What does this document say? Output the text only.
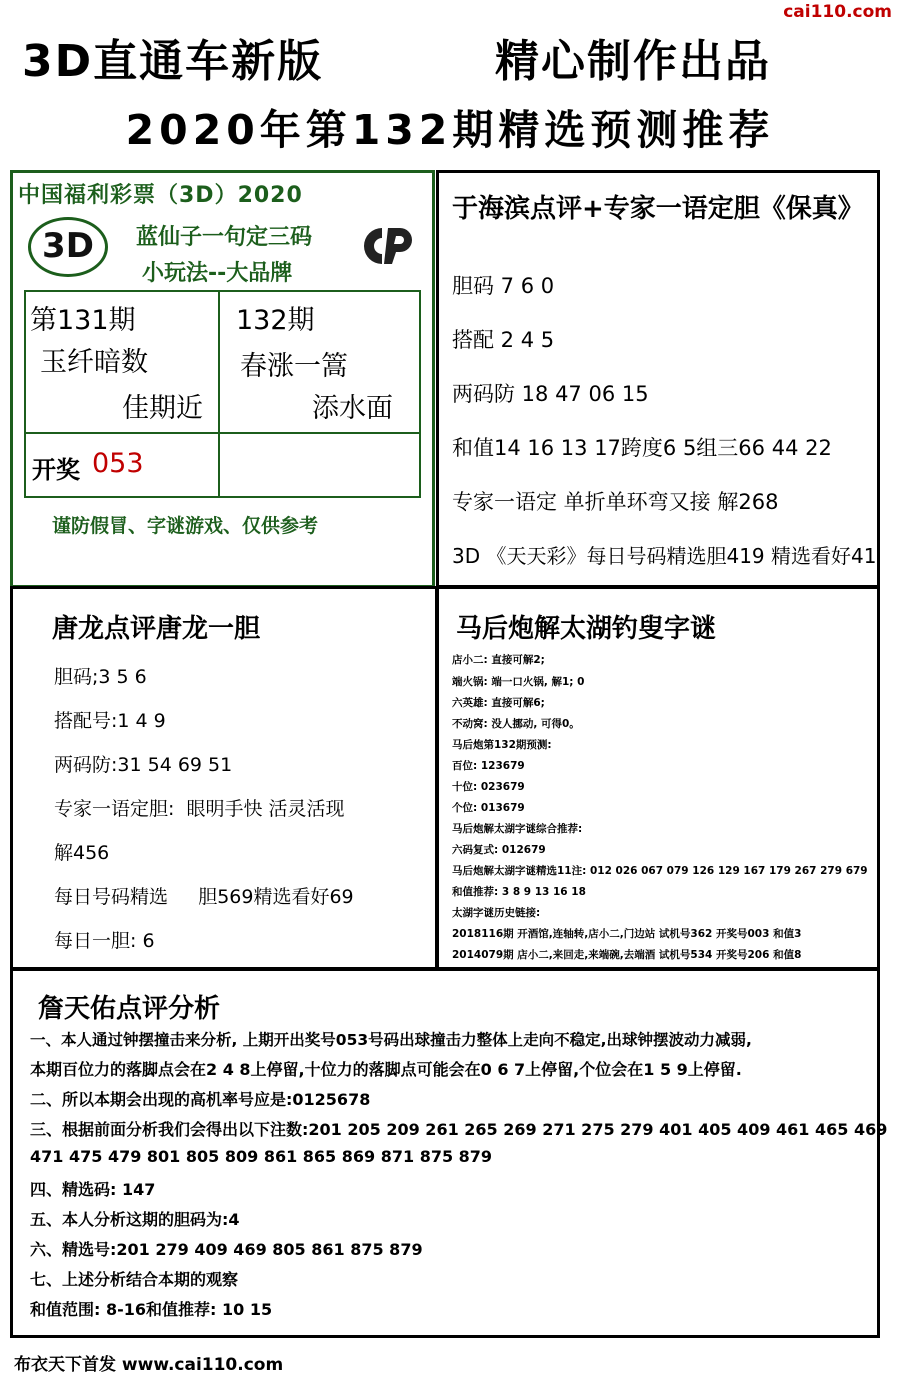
cai110.com
3D直通车新版	精心制作出品
2020年第132期精选预测推荐
中国福利彩票（3D）2020
3D	蓝仙子一句定三码
小玩法--大品牌
第131期
玉纤暗数
佳期近
132期
春涨一篙
添水面
开奖 053
谨防假冒、字谜游戏、仅供参考
于海滨点评+专家一语定胆《保真》
胆码 7 6 0
搭配 2 4 5
两码防 18 47 06 15
和值14 16 13 17跨度6 5组三66 44 22
专家一语定 单折单环弯又接 解268
3D 《天天彩》每日号码精选胆419 精选看好41
唐龙点评唐龙一胆
胆码;3 5 6
搭配号:1 4 9
两码防:31 54 69 51
专家一语定胆:  眼明手快 活灵活现
解456
每日号码精选     胆569精选看好69
每日一胆: 6
马后炮解太湖钓叟字谜
店小二: 直接可解2;
端火锅: 端一口火锅, 解1; 0
六英雄: 直接可解6;
不动窝: 没人挪动, 可得0。
马后炮第132期预测:
百位: 123679
十位: 023679
个位: 013679
马后炮解太湖字谜综合推荐:
六码复式: 012679
马后炮解太湖字谜精选11注: 012 026 067 079 126 129 167 179 267 279 679
和值推荐: 3 8 9 13 16 18
太湖字谜历史链接:
2018116期 开酒馆,连轴转,店小二,门边站 试机号362 开奖号003 和值3
2014079期 店小二,来回走,来端碗,去端酒 试机号534 开奖号206 和值8
詹天佑点评分析
一、本人通过钟摆撞击来分析, 上期开出奖号053号码出球撞击力整体上走向不稳定,出球钟摆波动力减弱,
本期百位力的落脚点会在2 4 8上停留,十位力的落脚点可能会在0 6 7上停留,个位会在1 5 9上停留.
二、所以本期会出现的高机率号应是:0125678
三、根据前面分析我们会得出以下注数:201 205 209 261 265 269 271 275 279 401 405 409 461 465 469
471 475 479 801 805 809 861 865 869 871 875 879
四、精选码: 147
五、本人分析这期的胆码为:4
六、精选号:201 279 409 469 805 861 875 879
七、上述分析结合本期的观察
和值范围: 8-16和值推荐: 10 15
布衣天下首发 www.cai110.com
